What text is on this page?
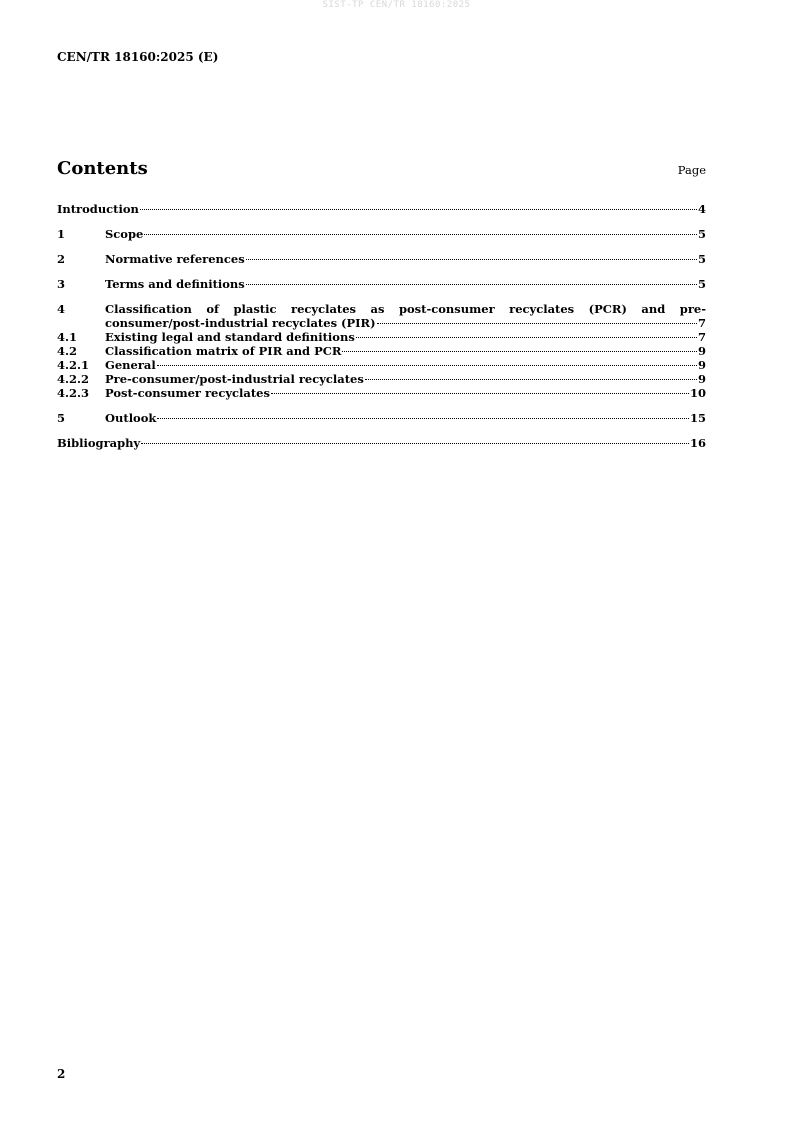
SIST-TP CEN/TR 18160:2025
CEN/TR 18160:2025 (E)
Contents	Page
Introduction	4
1	Scope	5
2	Normative references	5
3	Terms and definitions	5
4	Classification of plastic recyclates as post-consumer recyclates (PCR) and pre-
consumer/post-industrial recyclates (PIR)	7
4.1	Existing legal and standard definitions	7
4.2	Classification matrix of PIR and PCR	9
4.2.1	General	9
4.2.2	Pre-consumer/post-industrial recyclates	9
4.2.3	Post-consumer recyclates	10
5	Outlook	15
Bibliography	16
2
